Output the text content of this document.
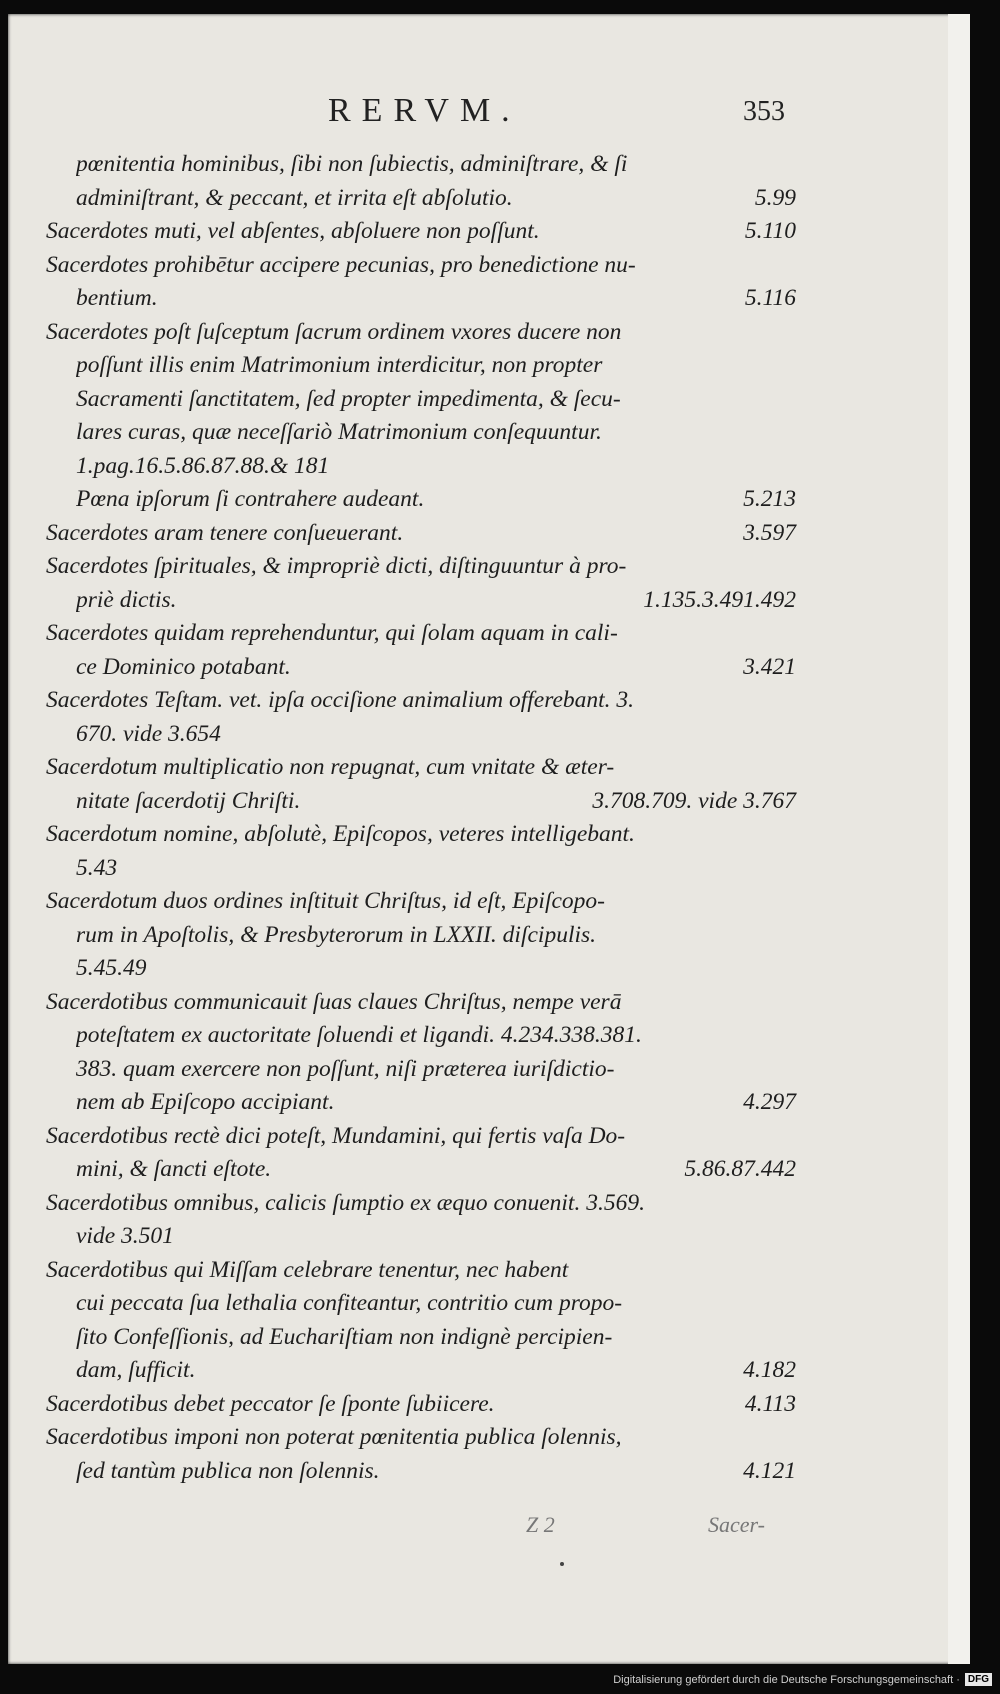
RERVM.	353
pœnitentia hominibus, ſibi non ſubiectis, adminiſtrare, & ſi
adminiſtrant, & peccant, et irrita eſt abſolutio.	5.99
Sacerdotes muti, vel abſentes, abſoluere non poſſunt.	5.110
Sacerdotes prohibētur accipere pecunias, pro benedictione nu-
bentium.	5.116
Sacerdotes poſt ſuſceptum ſacrum ordinem vxores ducere non
poſſunt illis enim Matrimonium interdicitur, non propter
Sacramenti ſanctitatem, ſed propter impedimenta, & ſecu-
lares curas, quæ neceſſariò Matrimonium conſequuntur.
1.pag.16.5.86.87.88.& 181
Pœna ipſorum ſi contrahere audeant.	5.213
Sacerdotes aram tenere conſueuerant.	3.597
Sacerdotes ſpirituales, & impropriè dicti, diſtinguuntur à pro-
priè dictis.	1.135.3.491.492
Sacerdotes quidam reprehenduntur, qui ſolam aquam in cali-
ce Dominico potabant.	3.421
Sacerdotes Teſtam. vet. ipſa occiſione animalium offerebant. 3.
670. vide 3.654
Sacerdotum multiplicatio non repugnat, cum vnitate & æter-
nitate ſacerdotij Chriſti.	3.708.709. vide 3.767
Sacerdotum nomine, abſolutè, Epiſcopos, veteres intelligebant.
5.43
Sacerdotum duos ordines inſtituit Chriſtus, id eſt, Epiſcopo-
rum in Apoſtolis, & Presbyterorum in LXXII. diſcipulis.
5.45.49
Sacerdotibus communicauit ſuas claues Chriſtus, nempe verā
poteſtatem ex auctoritate ſoluendi et ligandi. 4.234.338.381.
383. quam exercere non poſſunt, niſi præterea iuriſdictio-
nem ab Epiſcopo accipiant.	4.297
Sacerdotibus rectè dici poteſt, Mundamini, qui fertis vaſa Do-
mini, & ſancti eſtote.	5.86.87.442
Sacerdotibus omnibus, calicis ſumptio ex æquo conuenit. 3.569.
vide 3.501
Sacerdotibus qui Miſſam celebrare tenentur, nec habent
cui peccata ſua lethalia confiteantur, contritio cum propo-
ſito Confeſſionis, ad Euchariſtiam non indignè percipien-
dam, ſufficit.	4.182
Sacerdotibus debet peccator ſe ſponte ſubiicere.	4.113
Sacerdotibus imponi non poterat pœnitentia publica ſolennis,
ſed tantùm publica non ſolennis.	4.121
Z 2	Sacer-
Digitalisierung gefördert durch die Deutsche Forschungsgemeinschaft · DFG
